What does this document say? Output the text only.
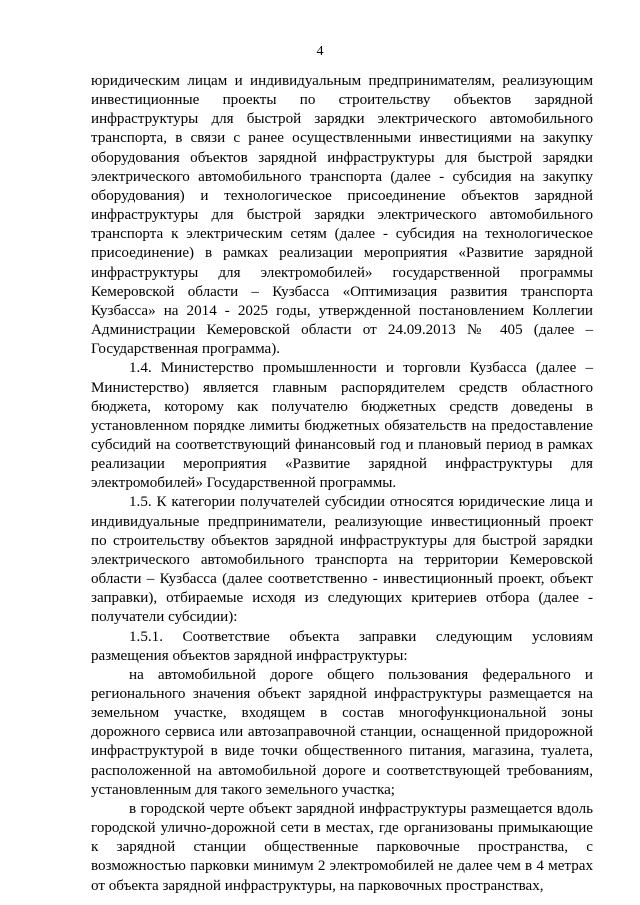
4

юридическим лицам и индивидуальным предпринимателям, реализующим инвестиционные проекты по строительству объектов зарядной инфраструктуры для быстрой зарядки электрического автомобильного транспорта, в связи с ранее осуществленными инвестициями на закупку оборудования объектов зарядной инфраструктуры для быстрой зарядки электрического автомобильного транспорта (далее - субсидия на закупку оборудования) и технологическое присоединение объектов зарядной инфраструктуры для быстрой зарядки электрического автомобильного транспорта к электрическим сетям (далее - субсидия на технологическое присоединение) в рамках реализации мероприятия «Развитие зарядной инфраструктуры для электромобилей» государственной программы Кемеровской области – Кузбасса «Оптимизация развития транспорта Кузбасса» на 2014 - 2025 годы, утвержденной постановлением Коллегии Администрации Кемеровской области от 24.09.2013 № 405 (далее – Государственная программа).

1.4. Министерство промышленности и торговли Кузбасса (далее – Министерство) является главным распорядителем средств областного бюджета, которому как получателю бюджетных средств доведены в установленном порядке лимиты бюджетных обязательств на предоставление субсидий на соответствующий финансовый год и плановый период в рамках реализации мероприятия «Развитие зарядной инфраструктуры для электромобилей» Государственной программы.

1.5. К категории получателей субсидии относятся юридические лица и индивидуальные предприниматели, реализующие инвестиционный проект по строительству объектов зарядной инфраструктуры для быстрой зарядки электрического автомобильного транспорта на территории Кемеровской области – Кузбасса (далее соответственно - инвестиционный проект, объект заправки), отбираемые исходя из следующих критериев отбора (далее - получатели субсидии):

1.5.1. Соответствие объекта заправки следующим условиям размещения объектов зарядной инфраструктуры:

на автомобильной дороге общего пользования федерального и регионального значения объект зарядной инфраструктуры размещается на земельном участке, входящем в состав многофункциональной зоны дорожного сервиса или автозаправочной станции, оснащенной придорожной инфраструктурой в виде точки общественного питания, магазина, туалета, расположенной на автомобильной дороге и соответствующей требованиям, установленным для такого земельного участка;

в городской черте объект зарядной инфраструктуры размещается вдоль городской улично-дорожной сети в местах, где организованы примыкающие к зарядной станции общественные парковочные пространства, с возможностью парковки минимум 2 электромобилей не далее чем в 4 метрах от объекта зарядной инфраструктуры, на парковочных пространствах,
